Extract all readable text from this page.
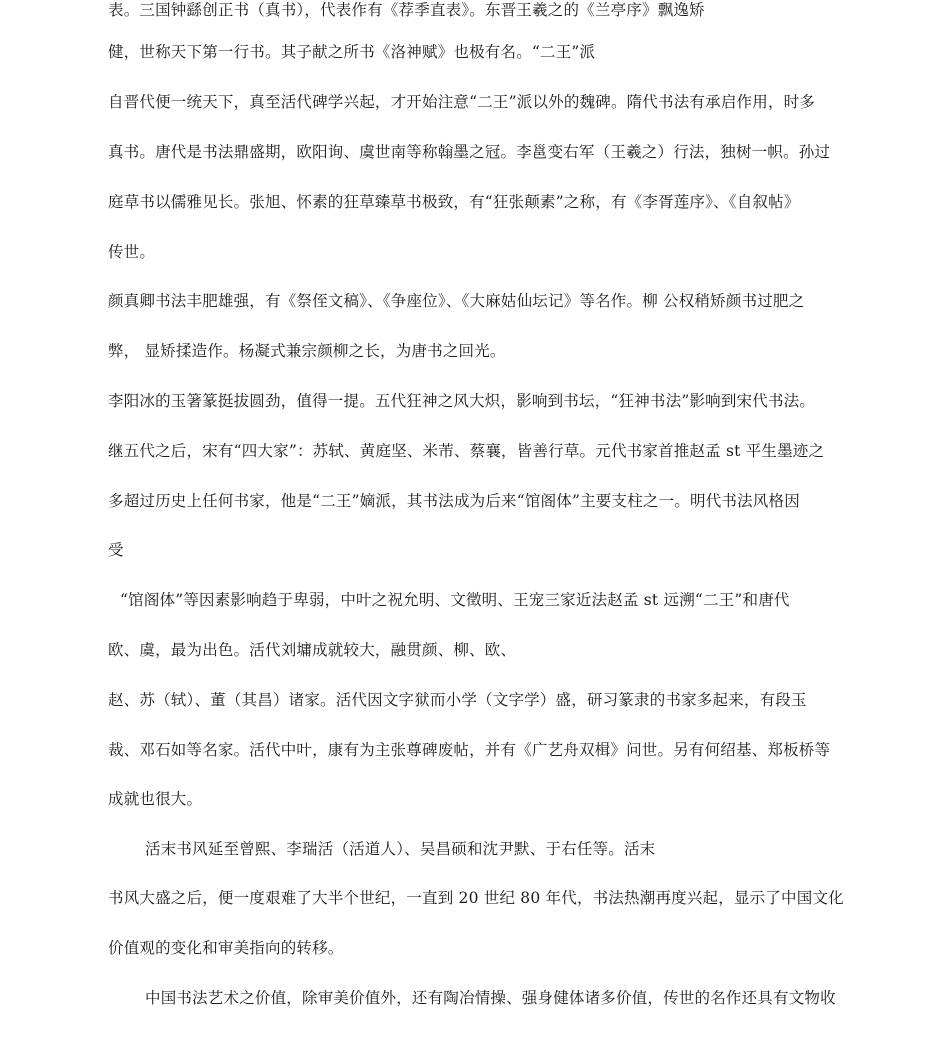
表。三国钟繇创正书（真书），代表作有《荐季直表》。东晋王羲之的《兰亭序》飘逸矫
健，世称天下第一行书。其子献之所书《洛神赋》也极有名。“二王”派
自晋代便一统天下，真至活代碑学兴起，才开始注意“二王”派以外的魏碑。隋代书法有承启作用，时多
真书。唐代是书法鼎盛期，欧阳询、虞世南等称翰墨之冠。李邕变右军（王羲之）行法，独树一帜。孙过
庭草书以儒雅见长。张旭、怀素的狂草臻草书极致，有“狂张颠素”之称，有《李胥莲序》、《自叙帖》
传世。
颜真卿书法丰肥雄强，有《祭侄文稿》、《争座位》、《大麻姑仙坛记》等名作。柳 公权稍矫颜书过肥之
弊， 显矫揉造作。杨凝式兼宗颜柳之长，为唐书之回光。
李阳冰的玉箸篆挺拔圆劲，值得一提。五代狂神之风大炽，影响到书坛，“狂神书法”影响到宋代书法。
继五代之后，宋有“四大家”：苏轼、黄庭坚、米芾、蔡襄，皆善行草。元代书家首推赵孟 st 平生墨迹之
多超过历史上任何书家，他是“二王”嫡派，其书法成为后来“馆阁体”主要支柱之一。明代书法风格因
受
“馆阁体”等因素影响趋于卑弱，中叶之祝允明、文徵明、王宠三家近法赵孟 st 远溯“二王”和唐代
欧、虞，最为出色。活代刘墉成就较大，融贯颜、柳、欧、
赵、苏（轼）、董（其昌）诸家。活代因文字狱而小学（文字学）盛，研习篆隶的书家多起来，有段玉
裁、邓石如等名家。活代中叶，康有为主张尊碑废帖，并有《广艺舟双楫》问世。另有何绍基、郑板桥等
成就也很大。
活末书风延至曾熙、李瑞活（活道人）、吴昌硕和沈尹默、于右任等。活末
书风大盛之后，便一度艰难了大半个世纪，一直到 20 世纪 80 年代，书法热潮再度兴起，显示了中国文化
价值观的变化和审美指向的转移。
中国书法艺术之价值，除审美价值外，还有陶冶情操、强身健体诸多价值，传世的名作还具有文物收
